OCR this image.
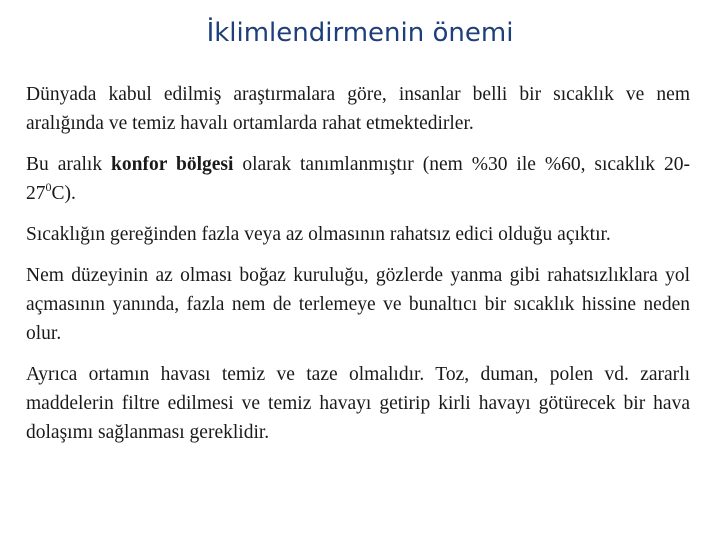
İklimlendirmenin önemi

Dünyada kabul edilmiş araştırmalara göre, insanlar belli bir sıcaklık ve nem aralığında ve temiz havalı ortamlarda rahat etmektedirler.

Bu aralık konfor bölgesi olarak tanımlanmıştır (nem %30 ile %60, sıcaklık $20-27^0C$).

Sıcaklığın gereğinden fazla veya az olmasının rahatsız edici olduğu açıktır.

Nem düzeyinin az olması boğaz kuruluğu, gözlerde yanma gibi rahatsızlıklara yol açmasının yanında, fazla nem de terlemeye ve bunaltıcı bir sıcaklık hissine neden olur.

Ayrıca ortamın havası temiz ve taze olmalıdır. Toz, duman, polen vd. zararlı maddelerin filtre edilmesi ve temiz havayı getirip kirli havayı götürecek bir hava dolaşımı sağlanması gereklidir.
